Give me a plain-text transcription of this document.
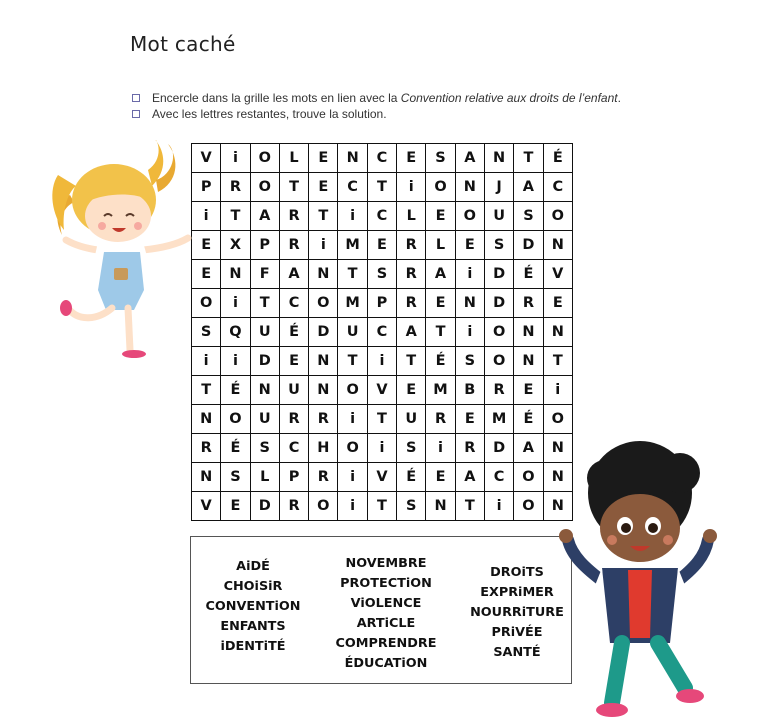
Mot caché
Encercle dans la grille les mots en lien avec la Convention relative aux droits de l’enfant.
Avec les lettres restantes, trouve la solution.
V	i	O	L	E	N	C	E	S	A	N	T	É
P	R	O	T	E	C	T	i	O	N	J	A	C
i	T	A	R	T	i	C	L	E	O	U	S	O
E	X	P	R	i	M	E	R	L	E	S	D	N
E	N	F	A	N	T	S	R	A	i	D	É	V
O	i	T	C	O	M	P	R	E	N	D	R	E
S	Q	U	É	D	U	C	A	T	i	O	N	N
i	i	D	E	N	T	i	T	É	S	O	N	T
T	É	N	U	N	O	V	E	M	B	R	E	i
N	O	U	R	R	i	T	U	R	E	M	É	O
R	É	S	C	H	O	i	S	i	R	D	A	N
N	S	L	P	R	i	V	É	E	A	C	O	N
V	E	D	R	O	i	T	S	N	T	i	O	N
AiDÉ
CHOiSiR
CONVENTiON
ENFANTS
iDENTiTÉ
NOVEMBRE
PROTECTiON
ViOLENCE
ARTiCLE
COMPRENDRE
ÉDUCATiON
DROiTS
EXPRiMER
NOURRiTURE
PRiVÉE
SANTÉ
